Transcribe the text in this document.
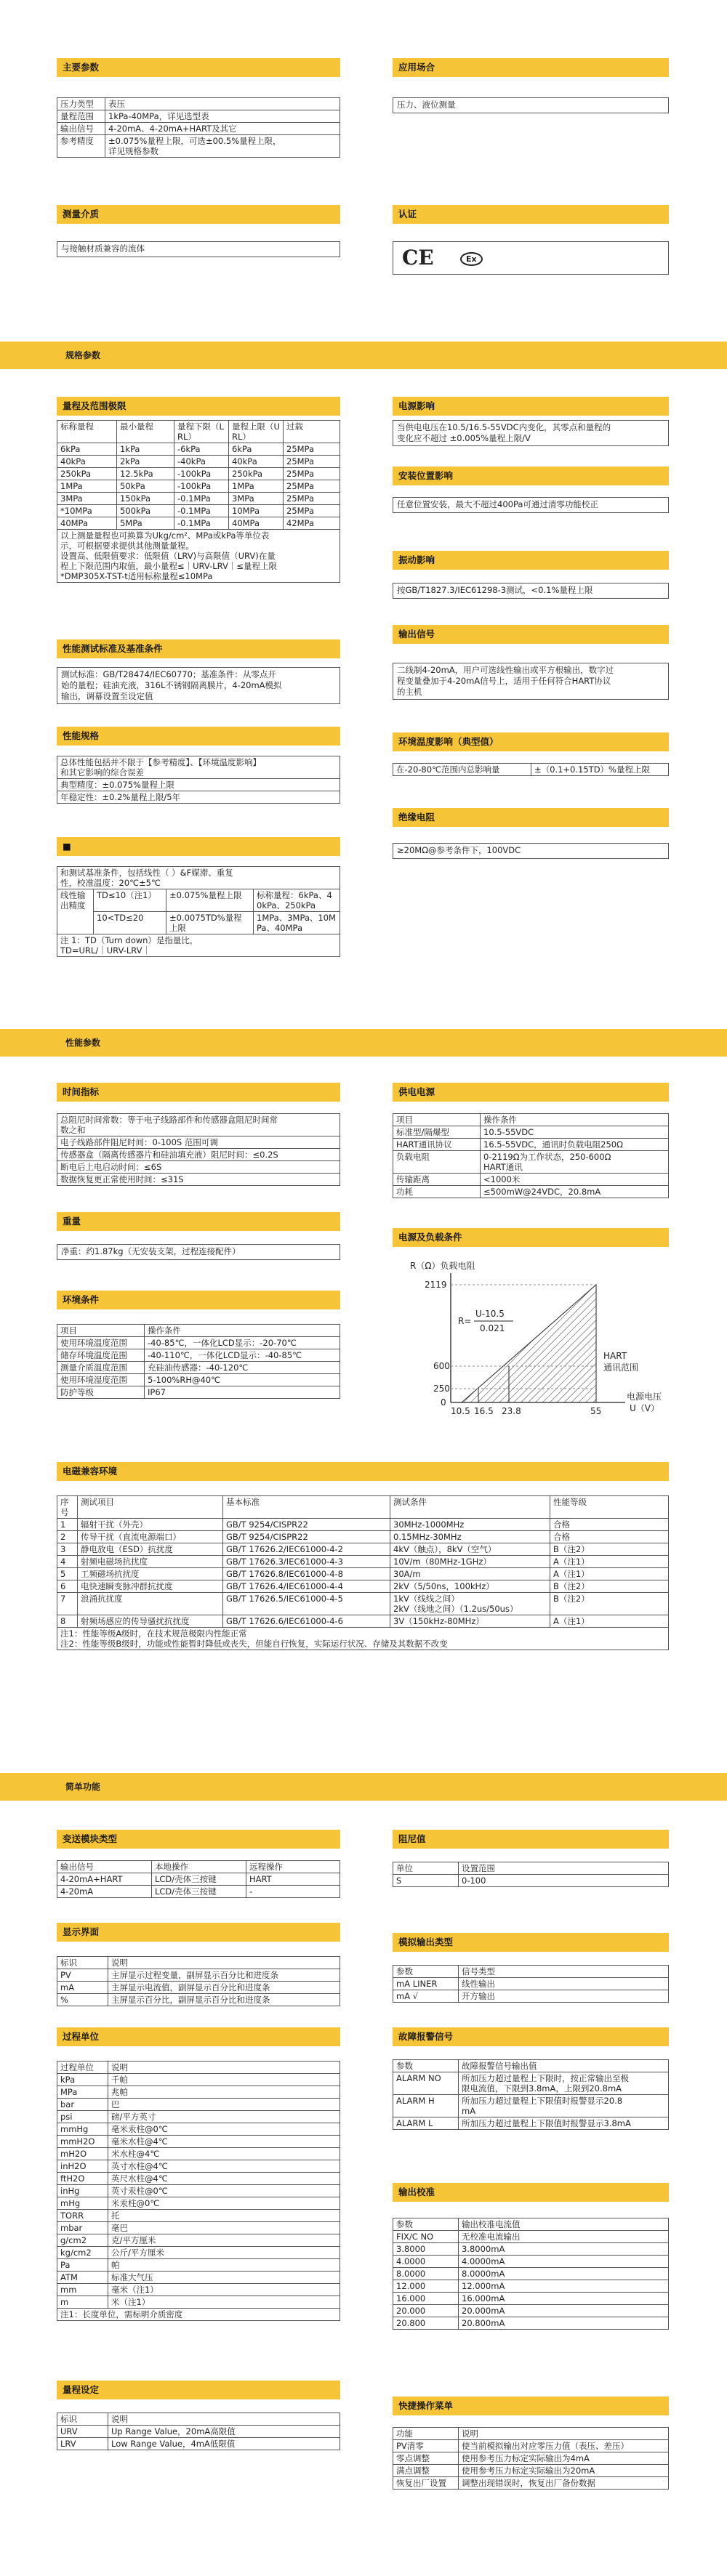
主要参数
压力类型	表压
量程范围	1kPa-40MPa，详见选型表
输出信号	4-20mA、4-20mA+HART及其它
参考精度	±0.075%量程上限，可选±00.5%量程上限，
详见规格参数
应用场合
压力、液位测量
测量介质
与接触材质兼容的流体
认证
CE	Ex
规格参数
量程及范围极限
标称量程	最小量程	量程下限（LRL）	量程上限（URL）	过载
6kPa	1kPa	-6kPa	6kPa	25MPa
40kPa	2kPa	-40kPa	40kPa	25MPa
250kPa	12.5kPa	-100kPa	250kPa	25MPa
1MPa	50kPa	-100kPa	1MPa	25MPa
3MPa	150kPa	-0.1MPa	3MPa	25MPa
*10MPa	500kPa	-0.1MPa	10MPa	25MPa
40MPa	5MPa	-0.1MPa	40MPa	42MPa

以上测量量程也可换算为Ukg/cm²、MPa或kPa等单位表
示，可根据要求提供其他测量量程。
设置高、低限值要求：低限值（LRV)与高限值（URV)在量
程上下限范围内取值，最小量程≤｜URV-LRV｜≤量程上限
*DMP305X-TST-t适用标称量程≤10MPa				
性能测试标准及基准条件
测试标准：GB/T28474/IEC60770；基准条件：从零点开
始的量程；硅油充液，316L不锈钢隔离膜片，4-20mA模拟
输出，调幕设置至设定值
性能规格
总体性能包括并不限于【参考精度】、【环境温度影响】
和其它影响的综合误差

典型精度：±0.075%量程上限
年稳定性：±0.2%量程上限/5年
■
和测试基准条件，包括线性（ ）&F媒滞、重复
性，校准温度：20℃±5℃			

线性输出精度	TD≤10（注1）	±0.075%量程上限	标称量程：6kPa、40kPa、250kPa
	10<TD≤20	±0.0075TD%量程上限	1MPa、3MPa、10MPa、40MPa

注 1：TD（Turn down）是指量比，
TD=URL/｜URV-LRV｜			
电源影响
当供电电压在10.5/16.5-55VDC内变化，其零点和量程的
变化应不超过 ±0.005%量程上限/V
安装位置影响
任意位置安装，最大不超过400Pa可通过清零功能校正
振动影响
按GB/T1827.3/IEC61298-3测试，<0.1%量程上限
输出信号
二线制4-20mA，用户可选线性输出或平方根输出，数字过
程变量叠加于4-20mA信号上，适用于任何符合HART协议
的主机
环境温度影响（典型值）
在-20-80℃范围内总影响量	±（0.1+0.15TD）%量程上限
绝缘电阻
≥20MΩ@参考条件下，100VDC
性能参数
时间指标
总阻尼时间常数：等于电子线路部件和传感器盒阻尼时间常
数之和

电子线路部件阻尼时间：0-100S 范围可调
传感器盒（隔离传感器片和硅油填充液）阻尼时间：≤0.2S
断电后上电启动时间：≤6S
数据恢复更正常使用时间：≤31S
重量
净重：约1.87kg（无安装支架，过程连接配件）
环境条件
项目	操作条件
使用环境温度范围	-40-85℃，一体化LCD显示：-20-70℃
储存环境温度范围	-40-110℃，一体化LCD显示：-40-85℃
测量介质温度范围	充硅油传感器：-40-120℃
使用环境湿度范围	5-100%RH@40℃
防护等级	IP67
供电电源
项目	操作条件
标准型/隔爆型	10.5-55VDC
HART通讯协议	16.5-55VDC，通讯时负载电阻250Ω
负载电阻	0-2119Ω为工作状态，250-600Ω
HART通讯

传输距离	<1000米
功耗	≤500mW@24VDC，20.8mA
电源及负载条件
R（Ω）负载电阻
2119
600
250
0
R=
U-10.5
0.021
HART
通讯范围
10.5 16.5 23.8	55
电源电压
U（V）
电磁兼容环境
序号	测试项目	基本标准	测试条件	性能等级
1	辐射干扰（外壳）	GB/T 9254/CISPR22	30MHz-1000MHz	合格
2	传导干扰（直流电源端口）	GB/T 9254/CISPR22	0.15MHz-30MHz	合格
3	静电放电（ESD）抗扰度	GB/T 17626.2/IEC61000-4-2	4kV（触点），8kV（空气）	B（注2）
4	射频电磁场抗扰度	GB/T 17626.3/IEC61000-4-3	10V/m（80MHz-1GHz）	A（注1）
5	工频磁场抗扰度	GB/T 17626.8/IEC61000-4-8	30A/m	A（注1）
6	电快速瞬变脉冲群抗扰度	GB/T 17626.4/IEC61000-4-4	2kV（5/50ns，100kHz）	B（注2）
7	浪涌抗扰度	GB/T 17626.5/IEC61000-4-5	1kV（线线之间）
2kV（线地之间）（1.2us/50us）	B（注2）
8	射频场感应的传导骚扰抗扰度	GB/T 17626.6/IEC61000-4-6	3V（150kHz-80MHz）	A（注1）

注1：性能等级A级时，在技术规范极限内性能正常
注2：性能等级B级时，功能或性能暂时降低或丧失，但能自行恢复，实际运行状况、存储及其数据不改变				
简单功能
变送模块类型
输出信号	本地操作	远程操作
4-20mA+HART	LCD/壳体三按键	HART
4-20mA	LCD/壳体三按键	-
显示界面
标识	说明
PV	主屏显示过程变量，副屏显示百分比和进度条
mA	主屏显示电流值，副屏显示百分比和进度条
%	主屏显示百分比，副屏显示百分比和进度条
过程单位
过程单位	说明
kPa	千帕
MPa	兆帕
bar	巴
psi	磅/平方英寸
mmHg	毫米汞柱@0℃
mmH2O	毫米水柱@4℃
mH2O	米水柱@4℃
inH2O	英寸水柱@4℃
ftH2O	英尺水柱@4℃
inHg	英寸汞柱@0℃
mHg	米汞柱@0℃
TORR	托
mbar	毫巴
g/cm2	克/平方厘米
kg/cm2	公斤/平方厘米
Pa	帕
ATM	标准大气压
mm	毫米（注1）
m	米（注1）
注1：长度单位，需标明介质密度	
量程设定
标识	说明
URV	Up Range Value，20mA高限值
LRV	Low Range Value，4mA低限值
阻尼值
单位	设置范围
S	0-100
模拟输出类型
参数	信号类型
mA LINER	线性输出
mA √	开方输出
故障报警信号
参数	故障报警信号输出值
ALARM NO	所加压力超过量程上下限时，按正常输出至极
限电流值，下限到3.8mA，上限到20.8mA

ALARM H	所加压力超过量程上下限值时报警显示20.8
mA

ALARM L	所加压力超过量程上下限值时报警显示3.8mA
输出校准
参数	输出校准电流值
FIX/C NO	无校准电流输出
3.8000	3.8000mA
4.0000	4.0000mA
8.0000	8.0000mA
12.000	12.000mA
16.000	16.000mA
20.000	20.000mA
20.800	20.800mA
快捷操作菜单
功能	说明
PV清零	使当前模拟输出对应零压力值（表压、差压）
零点调整	使用参考压力标定实际输出为4mA
满点调整	使用参考压力标定实际输出为20mA
恢复出厂设置	调整出现错误时，恢复出厂备份数据
